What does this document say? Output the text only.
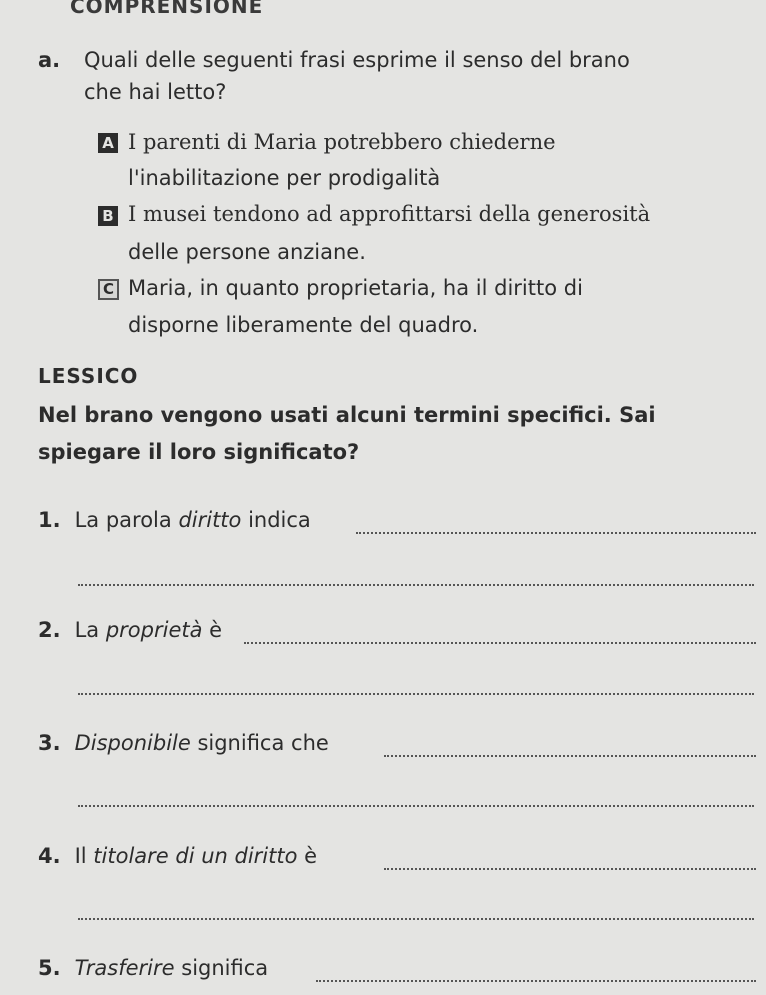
COMPRENSIONE
a. Quali delle seguenti frasi esprime il senso del brano
che hai letto?
A I parenti di Maria potrebbero chiederne
l'inabilitazione per prodigalità
B I musei tendono ad approfittarsi della generosità
delle persone anziane.
C Maria, in quanto proprietaria, ha il diritto di
disporne liberamente del quadro.
LESSICO
Nel brano vengono usati alcuni termini specifici. Sai
spiegare il loro significato?
1. La parola diritto indica
2. La proprietà è
3. Disponibile significa che
4. Il titolare di un diritto è
5. Trasferire significa
